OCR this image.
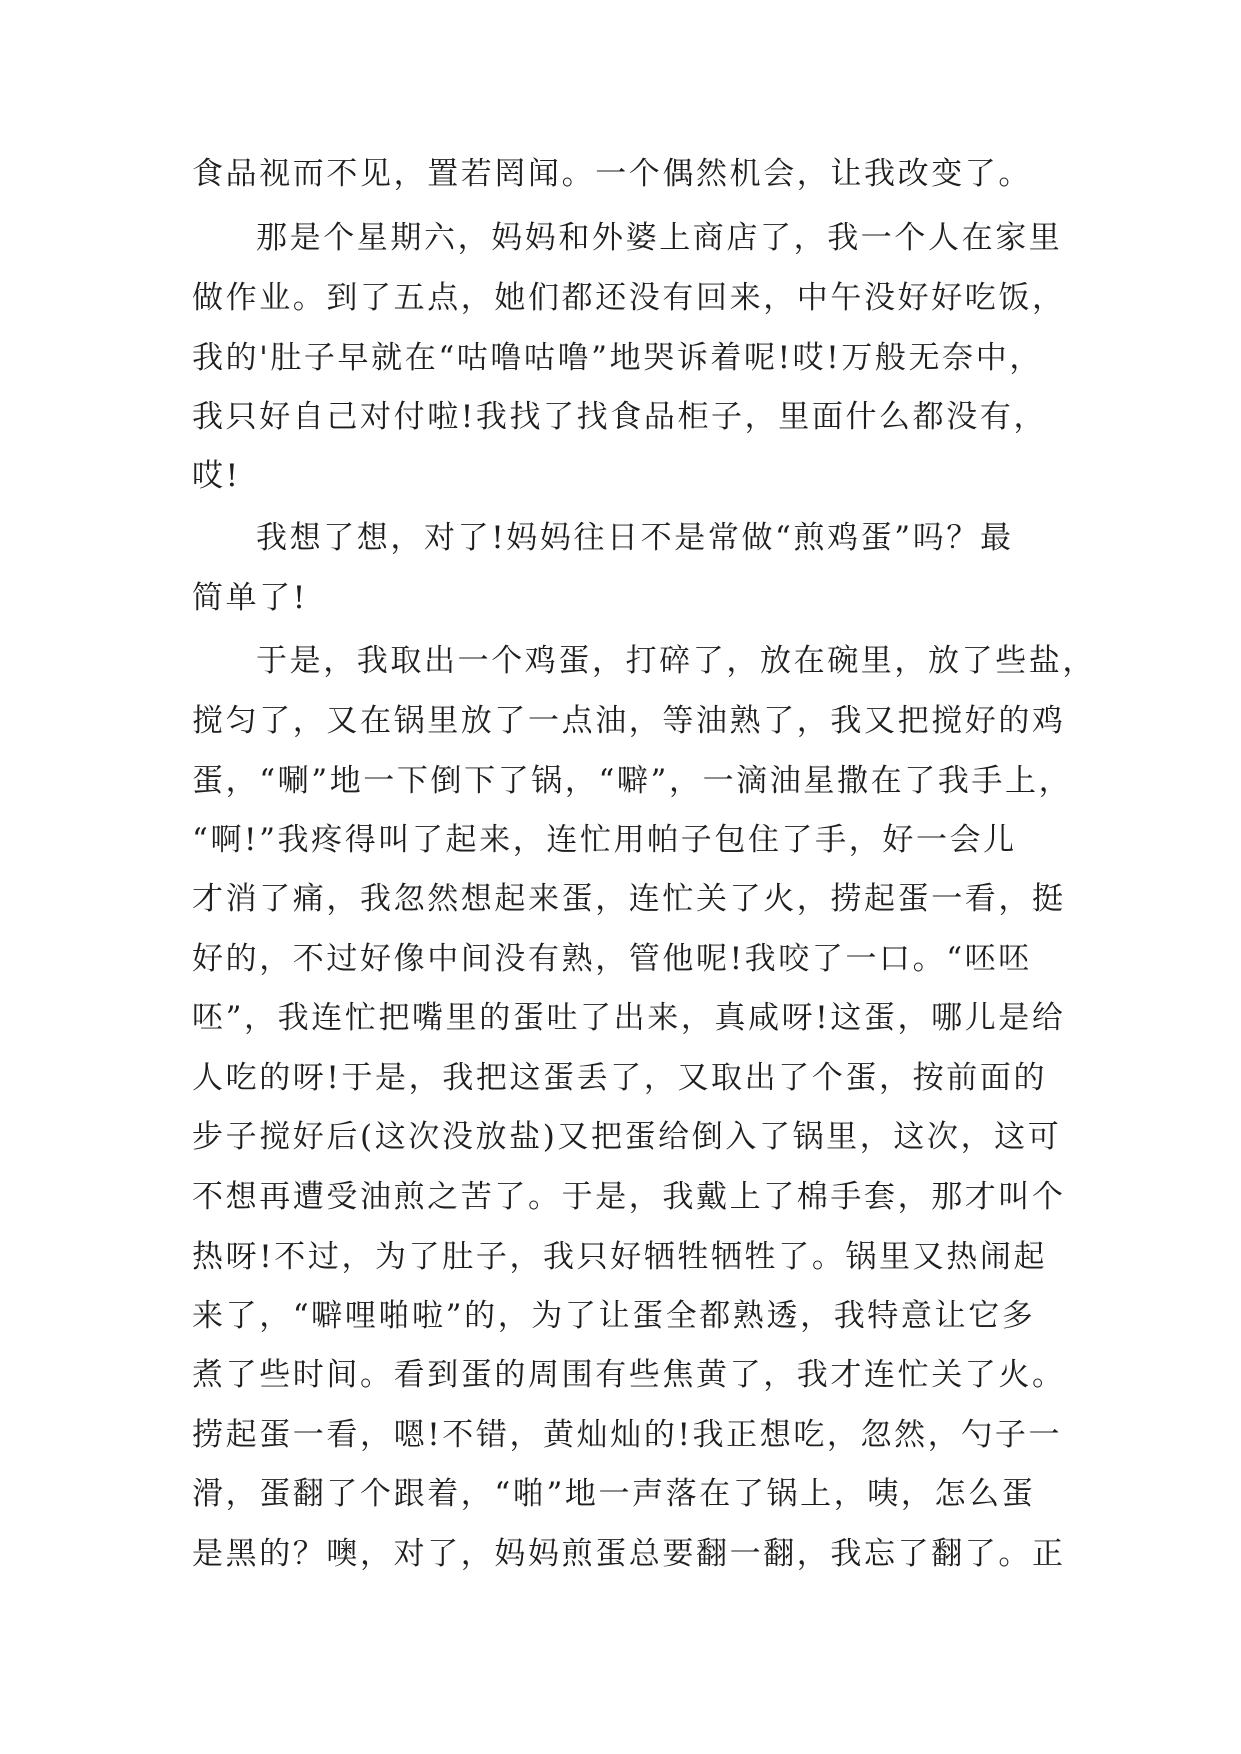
食品视而不见，置若罔闻。一个偶然机会，让我改变了。
那是个星期六，妈妈和外婆上商店了，我一个人在家里
做作业。到了五点，她们都还没有回来，中午没好好吃饭，
我的'肚子早就在“咕噜咕噜”地哭诉着呢!哎!万般无奈中，
我只好自己对付啦!我找了找食品柜子，里面什么都没有，
哎!
我想了想，对了!妈妈往日不是常做“煎鸡蛋”吗？最
简单了!
于是，我取出一个鸡蛋，打碎了，放在碗里，放了些盐，
搅匀了，又在锅里放了一点油，等油熟了，我又把搅好的鸡
蛋，“唰”地一下倒下了锅，“噼”，一滴油星撒在了我手上，
“啊!”我疼得叫了起来，连忙用帕子包住了手，好一会儿
才消了痛，我忽然想起来蛋，连忙关了火，捞起蛋一看，挺
好的，不过好像中间没有熟，管他呢!我咬了一口。“呸呸
呸”，我连忙把嘴里的蛋吐了出来，真咸呀!这蛋，哪儿是给
人吃的呀!于是，我把这蛋丢了，又取出了个蛋，按前面的
步子搅好后(这次没放盐)又把蛋给倒入了锅里，这次，这可
不想再遭受油煎之苦了。于是，我戴上了棉手套，那才叫个
热呀!不过，为了肚子，我只好牺牲牺牲了。锅里又热闹起
来了，“噼哩啪啦”的，为了让蛋全都熟透，我特意让它多
煮了些时间。看到蛋的周围有些焦黄了，我才连忙关了火。
捞起蛋一看，嗯!不错，黄灿灿的!我正想吃，忽然，勺子一
滑，蛋翻了个跟着，“啪”地一声落在了锅上，咦，怎么蛋
是黑的？噢，对了，妈妈煎蛋总要翻一翻，我忘了翻了。正
